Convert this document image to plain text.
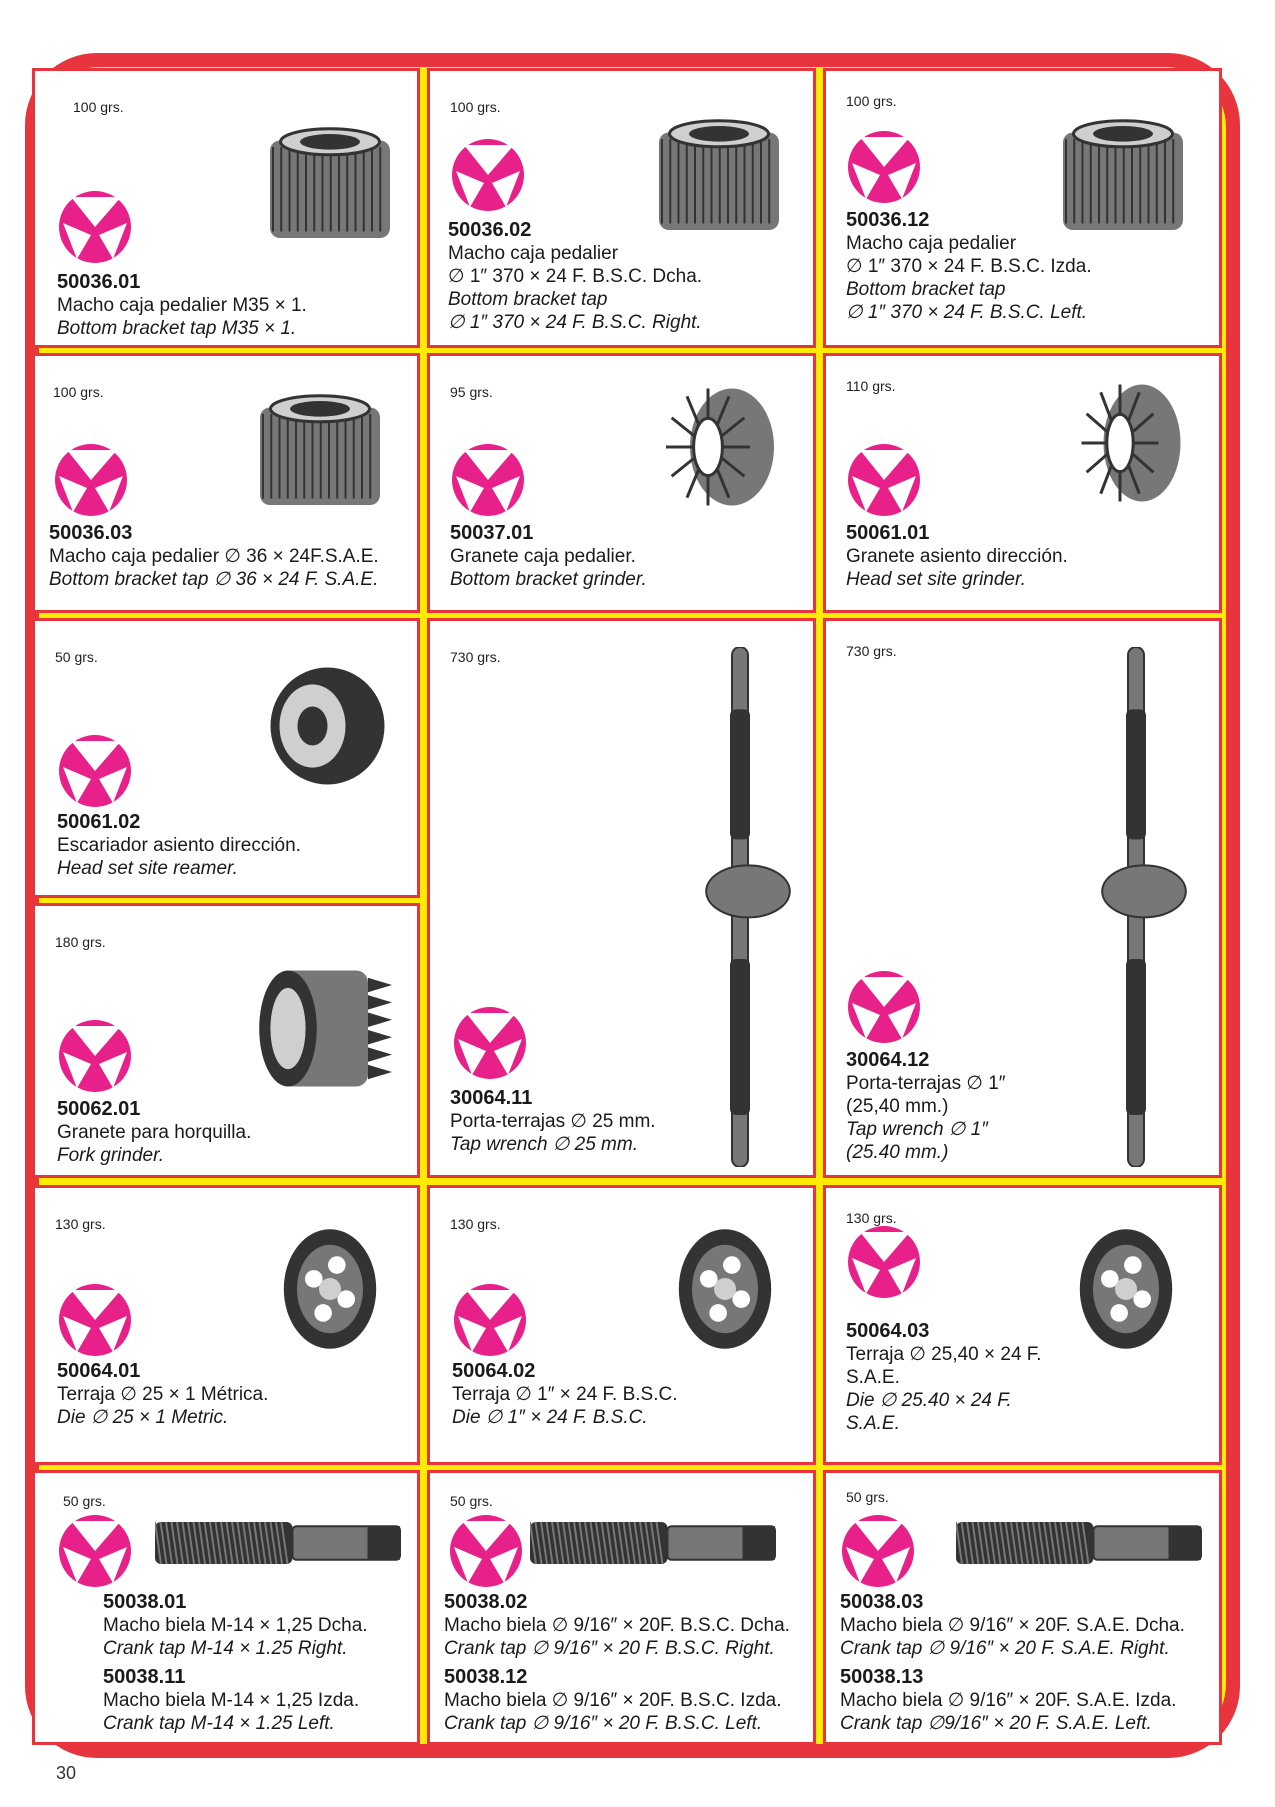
100 grs.
50036.01
Macho caja pedalier M35 × 1.
Bottom bracket tap M35 × 1.
100 grs.
50036.02
Macho caja pedalier
∅ 1″ 370 × 24 F. B.S.C. Dcha.
Bottom bracket tap
∅ 1″ 370 × 24 F. B.S.C. Right.
100 grs.
50036.12
Macho caja pedalier
∅ 1″ 370 × 24 F. B.S.C. Izda.
Bottom bracket tap
∅ 1″ 370 × 24 F. B.S.C. Left.
100 grs.
50036.03
Macho caja pedalier ∅ 36 × 24F.S.A.E.
Bottom bracket tap ∅ 36 × 24 F. S.A.E.
95 grs.
50037.01
Granete caja pedalier.
Bottom bracket grinder.
110 grs.
50061.01
Granete asiento dirección.
Head set site grinder.
50 grs.
50061.02
Escariador asiento dirección.
Head set site reamer.
730 grs.
30064.11
Porta-terrajas ∅ 25 mm.
Tap wrench ∅ 25 mm.
730 grs.
30064.12
Porta-terrajas ∅ 1″
(25,40 mm.)
Tap wrench ∅ 1″
(25.40 mm.)
180 grs.
50062.01
Granete para horquilla.
Fork grinder.
130 grs.
50064.01
Terraja ∅ 25 × 1 Métrica.
Die ∅ 25 × 1 Metric.
130 grs.
50064.02
Terraja ∅ 1″ × 24 F. B.S.C.
Die ∅ 1″ × 24 F. B.S.C.
130 grs.
50064.03
Terraja ∅ 25,40 × 24 F.
S.A.E.
Die ∅ 25.40 × 24 F.
S.A.E.
50 grs.
50038.01
Macho biela M-14 × 1,25 Dcha.
Crank tap M-14 × 1.25 Right.
50038.11
Macho biela M-14 × 1,25 Izda.
Crank tap M-14 × 1.25 Left.
50 grs.
50038.02
Macho biela ∅ 9/16″ × 20F. B.S.C. Dcha.
Crank tap ∅ 9/16″ × 20 F. B.S.C. Right.
50038.12
Macho biela ∅ 9/16″ × 20F. B.S.C. Izda.
Crank tap ∅ 9/16″ × 20 F. B.S.C. Left.
50 grs.
50038.03
Macho biela ∅ 9/16″ × 20F. S.A.E. Dcha.
Crank tap ∅ 9/16″ × 20 F. S.A.E. Right.
50038.13
Macho biela ∅ 9/16″ × 20F. S.A.E. Izda.
Crank tap ∅9/16″ × 20 F. S.A.E. Left.
30
